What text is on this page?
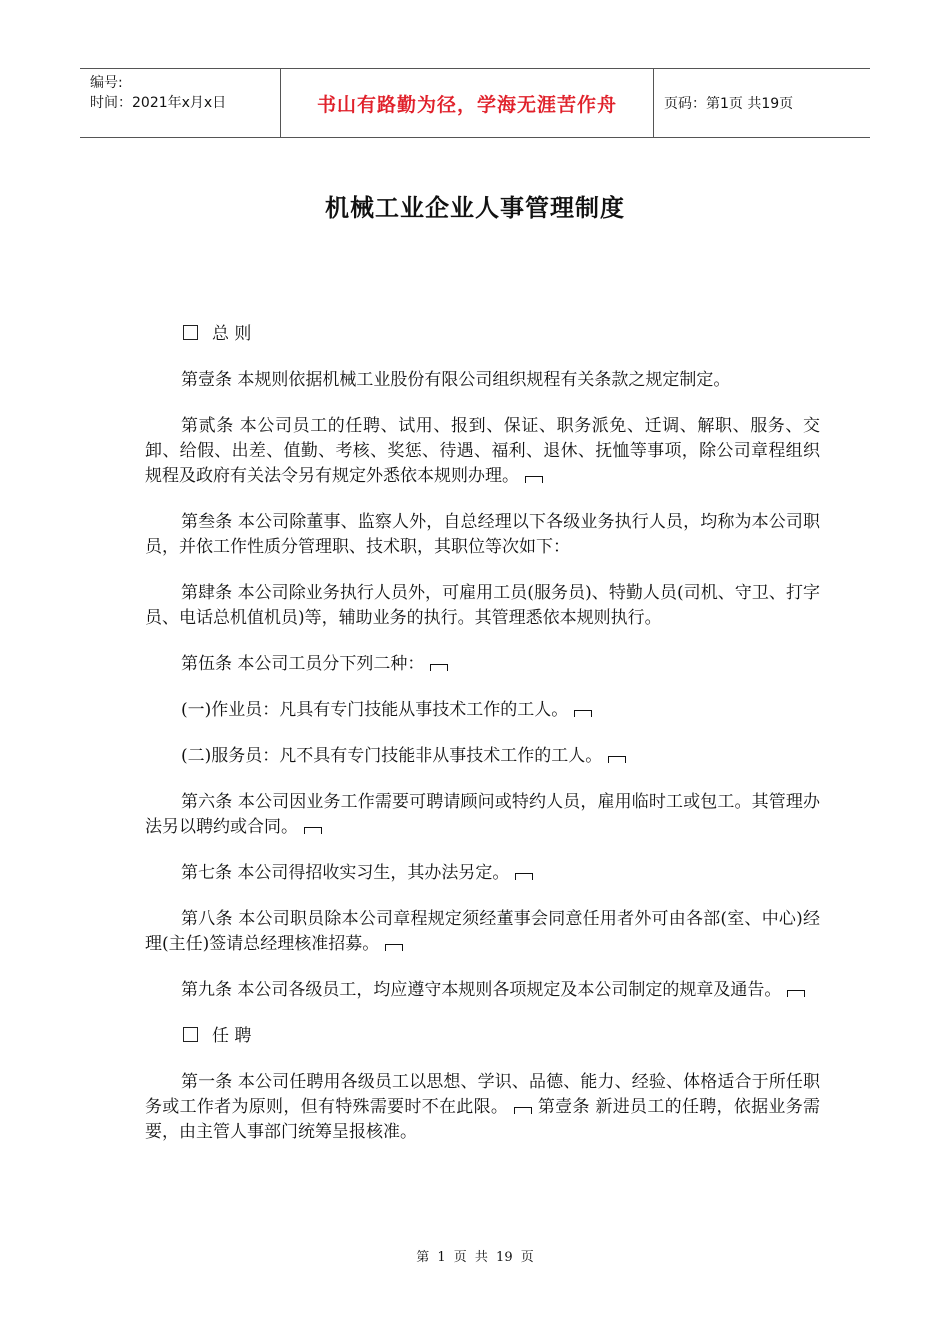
编号:
时间：2021年x月x日	书山有路勤为径，学海无涯苦作舟	页码：第1页 共19页
机械工业企业人事管理制度
总 则

第壹条 本规则依据机械工业股份有限公司组织规程有关条款之规定制定。

第贰条 本公司员工的任聘、试用、报到、保证、职务派免、迁调、解职、服务、交卸、给假、出差、值勤、考核、奖惩、待遇、福利、退休、抚恤等事项，除公司章程组织规程及政府有关法令另有规定外悉依本规则办理。

第叁条 本公司除董事、监察人外，自总经理以下各级业务执行人员，均称为本公司职员，并依工作性质分管理职、技术职，其职位等次如下：

第肆条 本公司除业务执行人员外，可雇用工员(服务员)、特勤人员(司机、守卫、打字员、电话总机值机员)等，辅助业务的执行。其管理悉依本规则执行。

第伍条 本公司工员分下列二种：

(一)作业员：凡具有专门技能从事技术工作的工人。

(二)服务员：凡不具有专门技能非从事技术工作的工人。

第六条 本公司因业务工作需要可聘请顾问或特约人员，雇用临时工或包工。其管理办法另以聘约或合同。

第七条 本公司得招收实习生，其办法另定。

第八条 本公司职员除本公司章程规定须经董事会同意任用者外可由各部(室、中心)经理(主任)签请总经理核准招募。

第九条 本公司各级员工，均应遵守本规则各项规定及本公司制定的规章及通告。

任 聘

第一条 本公司任聘用各级员工以思想、学识、品德、能力、经验、体格适合于所任职务或工作者为原则，但有特殊需要时不在此限。 第壹条 新进员工的任聘，依据业务需要，由主管人事部门统筹呈报核准。

第 1 页 共 19 页
